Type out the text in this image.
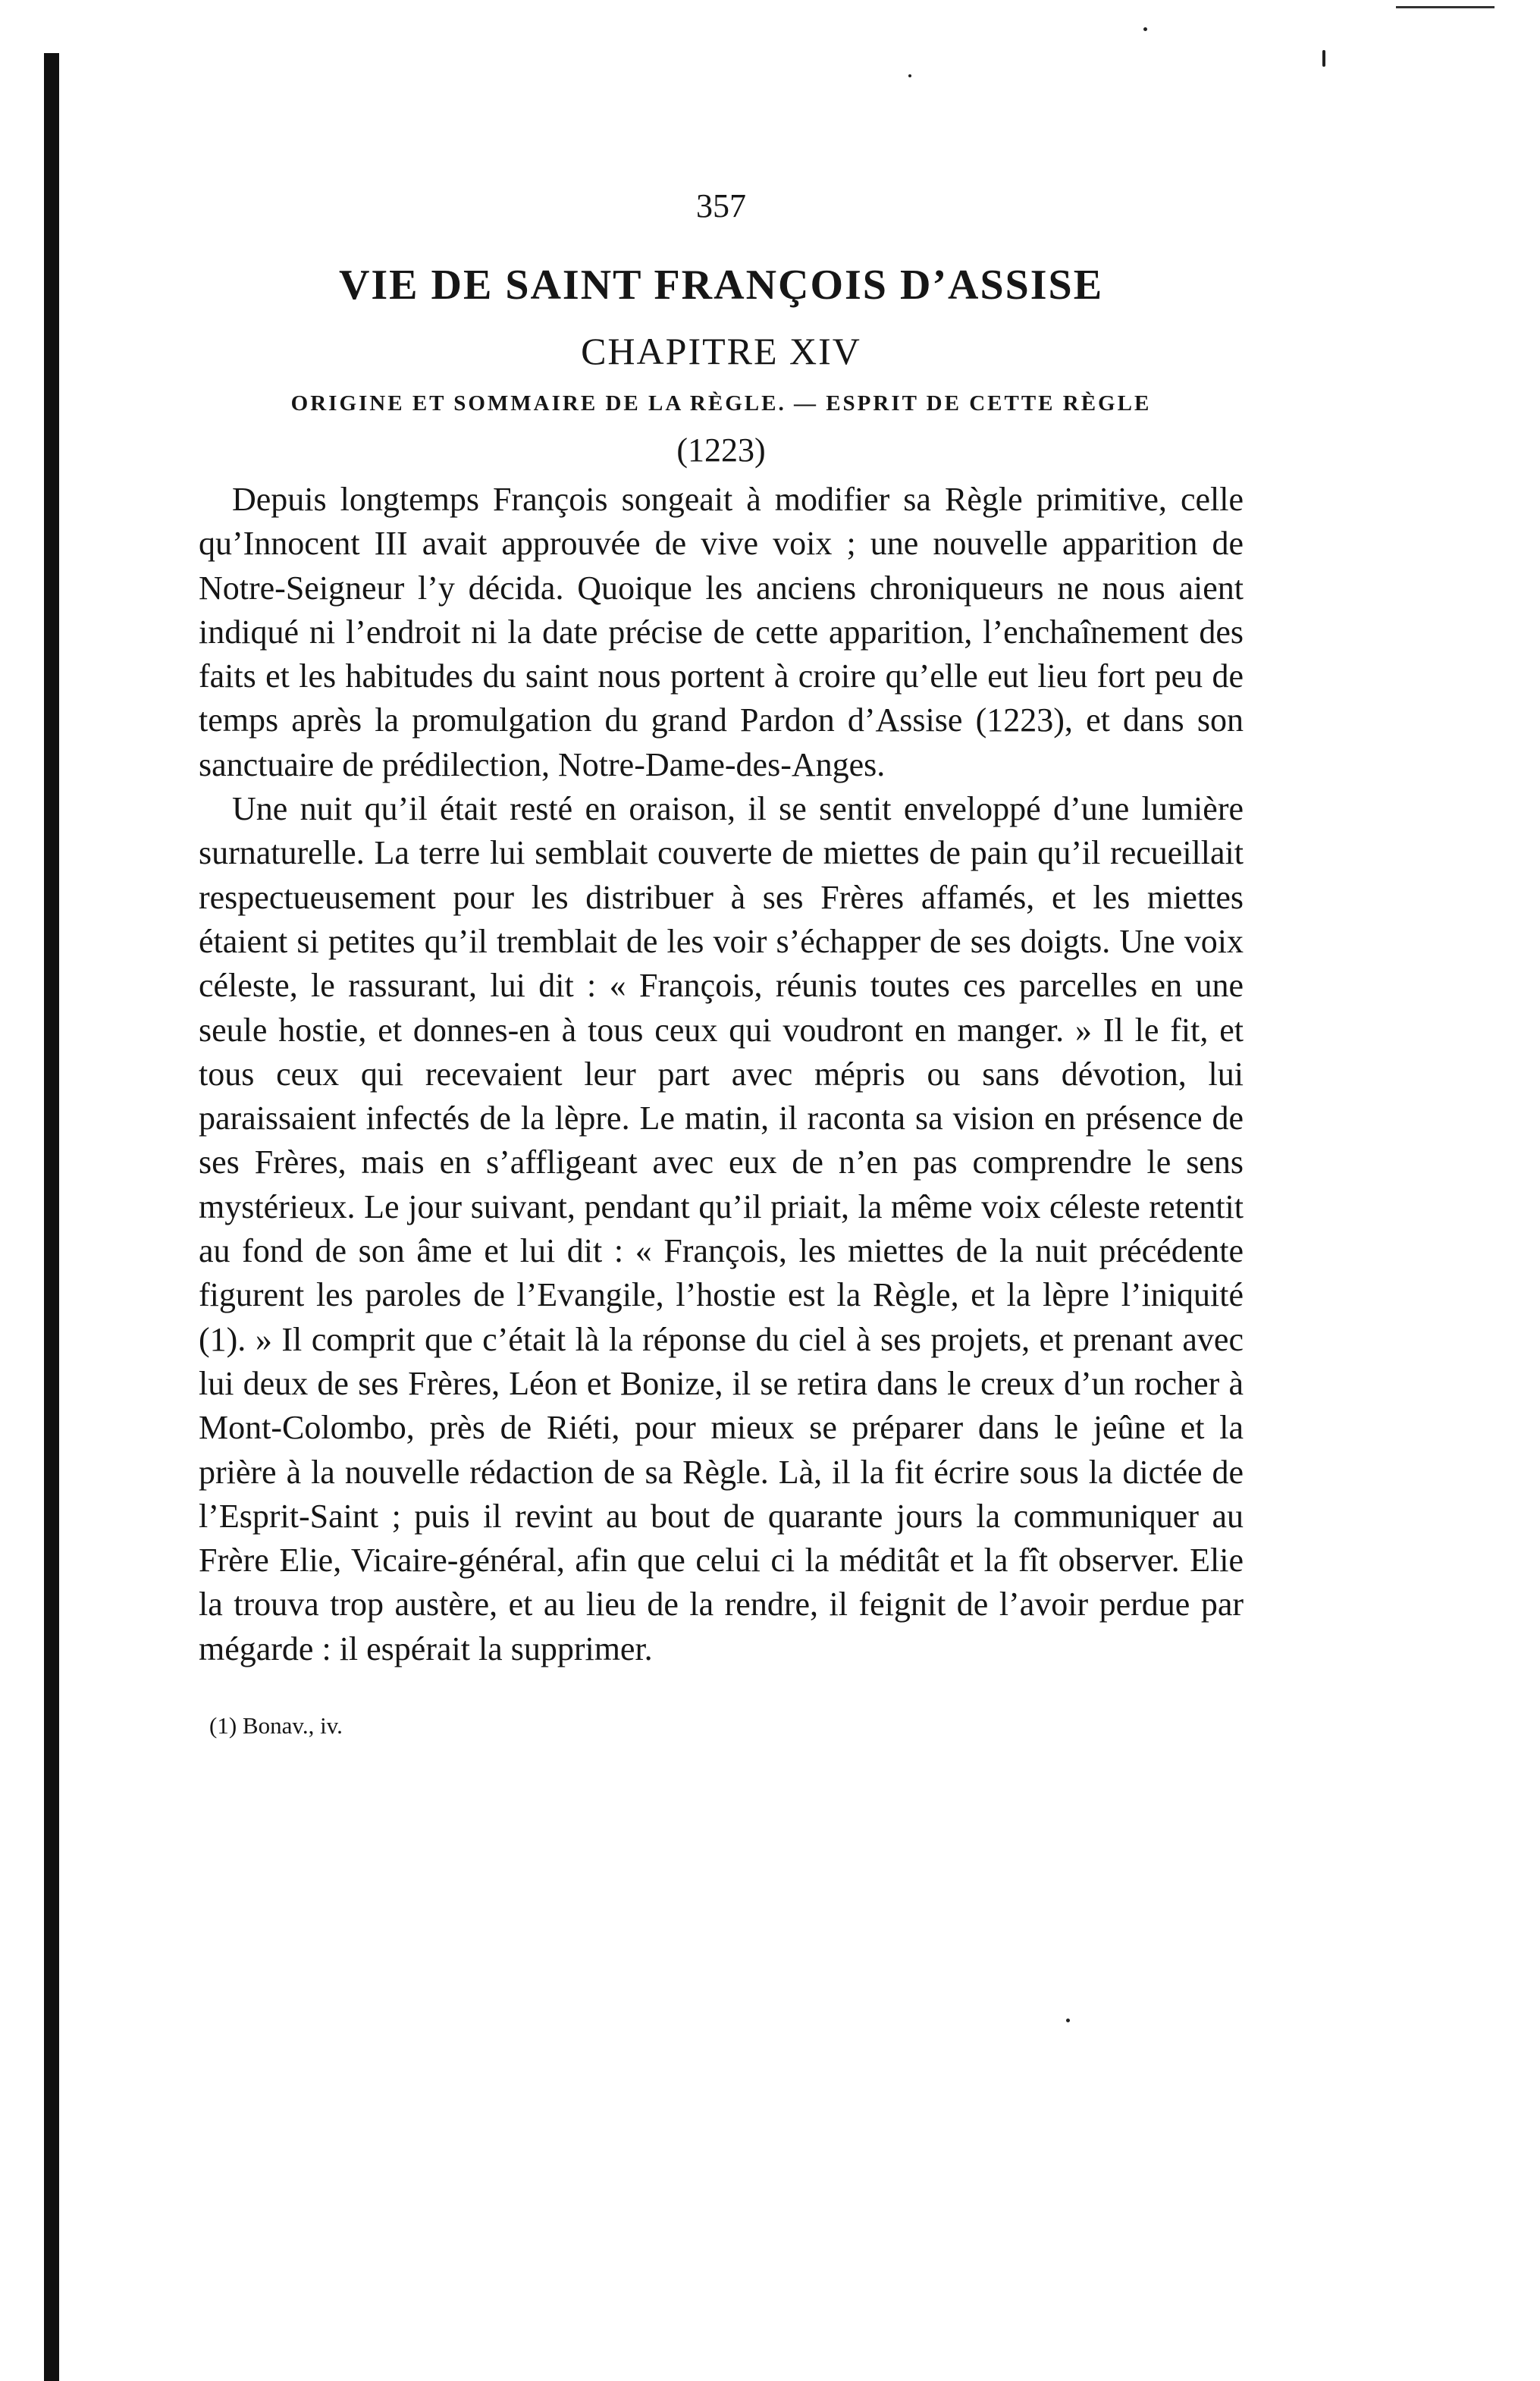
357
VIE DE SAINT FRANÇOIS D’ASSISE
CHAPITRE XIV
ORIGINE ET SOMMAIRE DE LA RÈGLE. — ESPRIT DE CETTE RÈGLE
(1223)

Depuis longtemps François songeait à modifier sa Règle primitive, celle qu’Innocent III avait approuvée de vive voix ; une nouvelle apparition de Notre-Seigneur l’y décida. Quoique les anciens chroniqueurs ne nous aient indiqué ni l’endroit ni la date précise de cette apparition, l’enchaînement des faits et les habitudes du saint nous portent à croire qu’elle eut lieu fort peu de temps après la promulgation du grand Pardon d’Assise (1223), et dans son sanctuaire de prédilection, Notre-Dame-des-Anges.

Une nuit qu’il était resté en oraison, il se sentit enveloppé d’une lumière surnaturelle. La terre lui semblait couverte de miettes de pain qu’il recueillait respectueusement pour les distribuer à ses Frères affamés, et les miettes étaient si petites qu’il tremblait de les voir s’échapper de ses doigts. Une voix céleste, le rassurant, lui dit : « François, réunis toutes ces parcelles en une seule hostie, et donnes-en à tous ceux qui voudront en manger. » Il le fit, et tous ceux qui recevaient leur part avec mépris ou sans dévotion, lui paraissaient infectés de la lèpre. Le matin, il raconta sa vision en présence de ses Frères, mais en s’affligeant avec eux de n’en pas comprendre le sens mystérieux. Le jour suivant, pendant qu’il priait, la même voix céleste retentit au fond de son âme et lui dit : « François, les miettes de la nuit précédente figurent les paroles de l’Evangile, l’hostie est la Règle, et la lèpre l’iniquité (1). » Il comprit que c’était là la réponse du ciel à ses projets, et prenant avec lui deux de ses Frères, Léon et Bonize, il se retira dans le creux d’un rocher à Mont-Colombo, près de Riéti, pour mieux se préparer dans le jeûne et la prière à la nouvelle rédaction de sa Règle. Là, il la fit écrire sous la dictée de l’Esprit-Saint ; puis il revint au bout de quarante jours la communiquer au Frère Elie, Vicaire-général, afin que celui ci la méditât et la fît observer. Elie la trouva trop austère, et au lieu de la rendre, il feignit de l’avoir perdue par mégarde : il espérait la supprimer.

(1) Bonav., iv.
